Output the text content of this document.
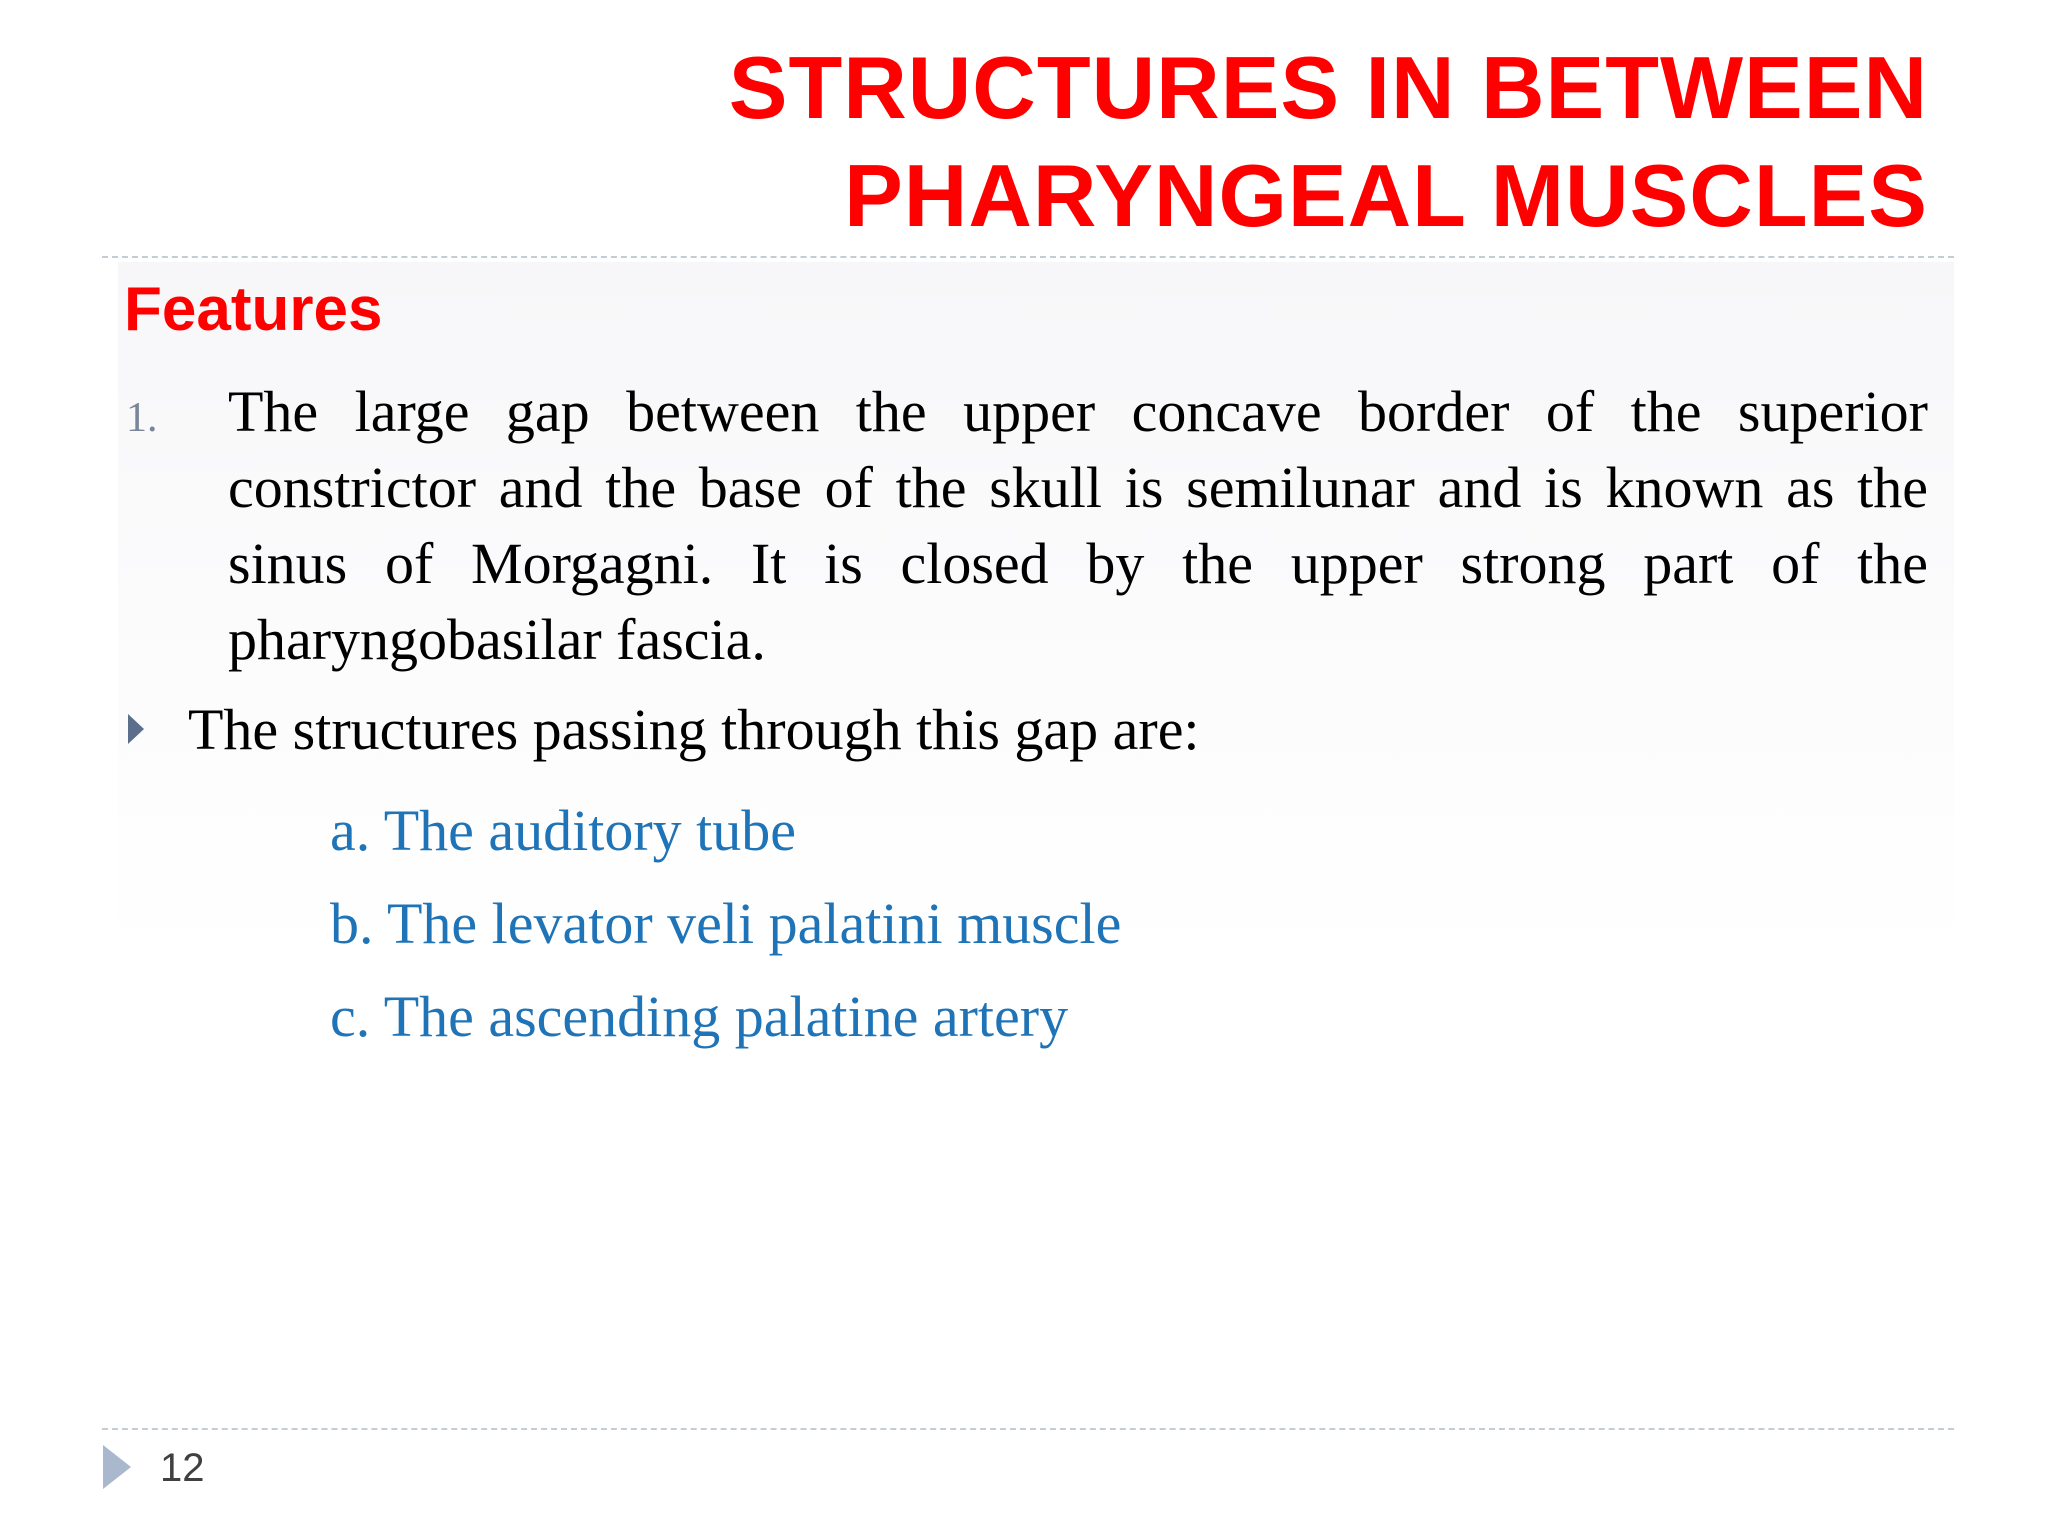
STRUCTURES IN BETWEEN
PHARYNGEAL MUSCLES
Features
1. The large gap between the upper concave border of the superior constrictor and the base of the skull is semilunar and is known as the sinus of Morgagni. It is closed by the upper strong part of the pharyngobasilar fascia.
The structures passing through this gap are:
a. The auditory tube
b. The levator veli palatini muscle
c. The ascending palatine artery
12
